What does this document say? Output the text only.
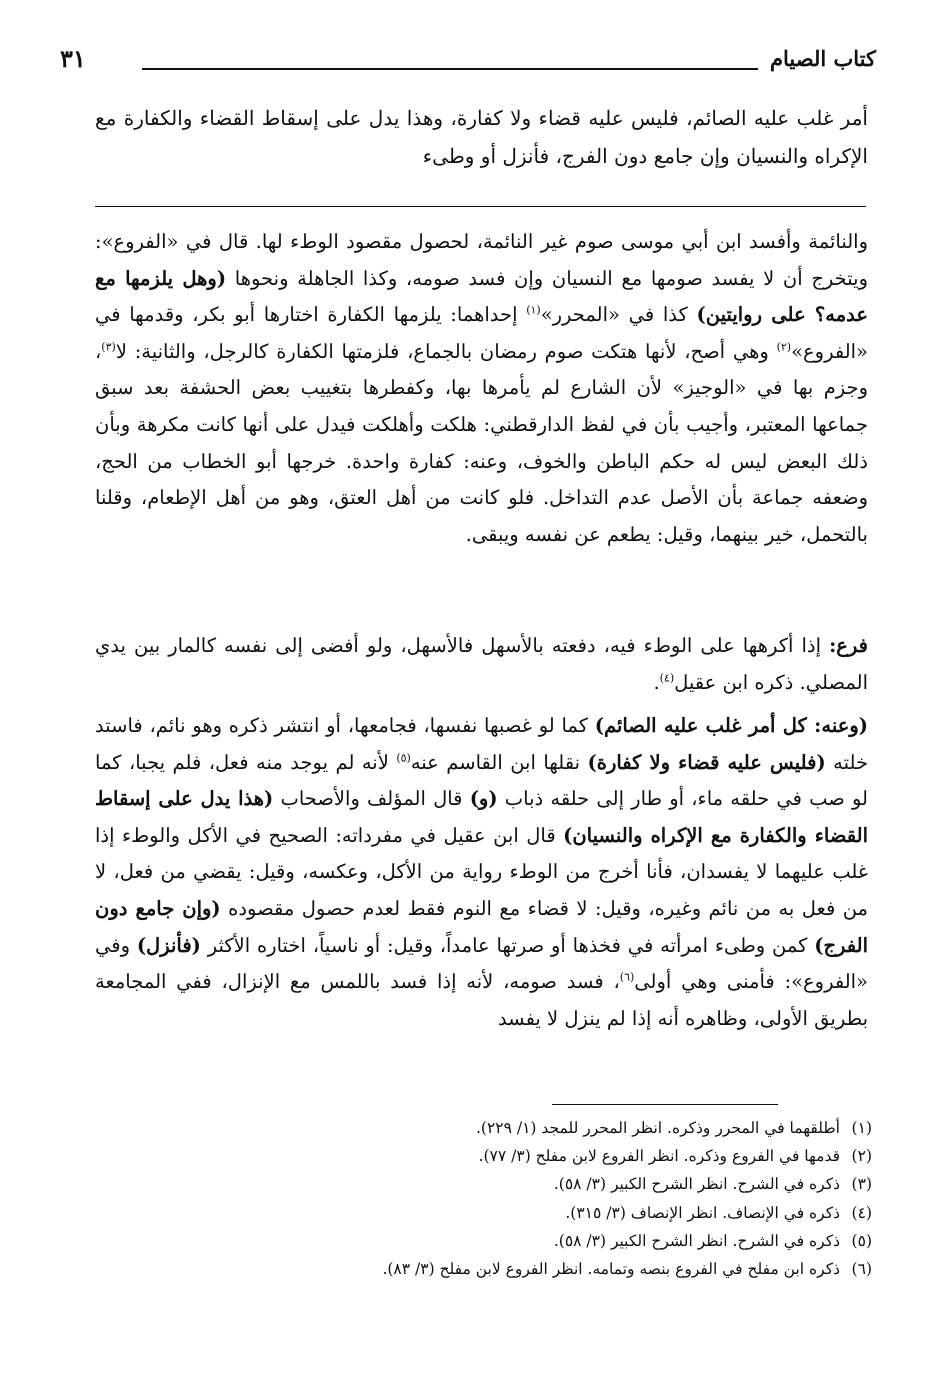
كتاب الصيام
٣١

أمر غلب عليه الصائم، فليس عليه قضاء ولا كفارة، وهذا يدل على إسقاط القضاء والكفارة مع الإكراه والنسيان وإن جامع دون الفرج، فأنزل أو وطىء

والنائمة وأفسد ابن أبي موسى صوم غير النائمة، لحصول مقصود الوطء لها. قال في «الفروع»: ويتخرج أن لا يفسد صومها مع النسيان وإن فسد صومه، وكذا الجاهلة ونحوها (وهل يلزمها مع عدمه؟ على روايتين) كذا في «المحرر»$^{(١)}$ إحداهما: يلزمها الكفارة اختارها أبو بكر، وقدمها في «الفروع»$^{(٢)}$ وهي أصح، لأنها هتكت صوم رمضان بالجماع، فلزمتها الكفارة كالرجل، والثانية: لا$^{(٣)}$، وجزم بها في «الوجيز» لأن الشارع لم يأمرها بها، وكفطرها بتغييب بعض الحشفة بعد سبق جماعها المعتبر، وأجيب بأن في لفظ الدارقطني: هلكت وأهلكت فيدل على أنها كانت مكرهة وبأن ذلك البعض ليس له حكم الباطن والخوف، وعنه: كفارة واحدة. خرجها أبو الخطاب من الحج، وضعفه جماعة بأن الأصل عدم التداخل. فلو كانت من أهل العتق، وهو من أهل الإطعام، وقلنا بالتحمل، خير بينهما، وقيل: يطعم عن نفسه ويبقى.

فرع: إذا أكرهها على الوطء فيه، دفعته بالأسهل فالأسهل، ولو أفضى إلى نفسه كالمار بين يدي المصلي. ذكره ابن عقيل$^{(٤)}$.

(وعنه: كل أمر غلب عليه الصائم) كما لو غصبها نفسها، فجامعها، أو انتشر ذكره وهو نائم، فاستد خلته (فليس عليه قضاء ولا كفارة) نقلها ابن القاسم عنه$^{(٥)}$ لأنه لم يوجد منه فعل، فلم يجبا، كما لو صب في حلقه ماء، أو طار إلى حلقه ذباب (و) قال المؤلف والأصحاب (هذا يدل على إسقاط القضاء والكفارة مع الإكراه والنسيان) قال ابن عقيل في مفرداته: الصحيح في الأكل والوطء إذا غلب عليهما لا يفسدان، فأنا أخرج من الوطء رواية من الأكل، وعكسه، وقيل: يقضي من فعل، لا من فعل به من نائم وغيره، وقيل: لا قضاء مع النوم فقط لعدم حصول مقصوده (وإن جامع دون الفرج) كمن وطىء امرأته في فخذها أو صرتها عامداً، وقيل: أو ناسياً، اختاره الأكثر (فأنزل) وفي «الفروع»: فأمنى وهي أولى$^{(٦)}$، فسد صومه، لأنه إذا فسد باللمس مع الإنزال، ففي المجامعة بطريق الأولى، وظاهره أنه إذا لم ينزل لا يفسد

(١)أطلقهما في المحرر وذكره. انظر المحرر للمجد (١/ ٢٢٩).
(٢)قدمها في الفروع وذكره. انظر الفروع لابن مفلح (٣/ ٧٧).
(٣)ذكره في الشرح. انظر الشرح الكبير (٣/ ٥٨).
(٤)ذكره في الإنصاف. انظر الإنصاف (٣/ ٣١٥).
(٥)ذكره في الشرح. انظر الشرح الكبير (٣/ ٥٨).
(٦)ذكره ابن مفلح في الفروع بنصه وتمامه. انظر الفروع لابن مفلح (٣/ ٨٣).
